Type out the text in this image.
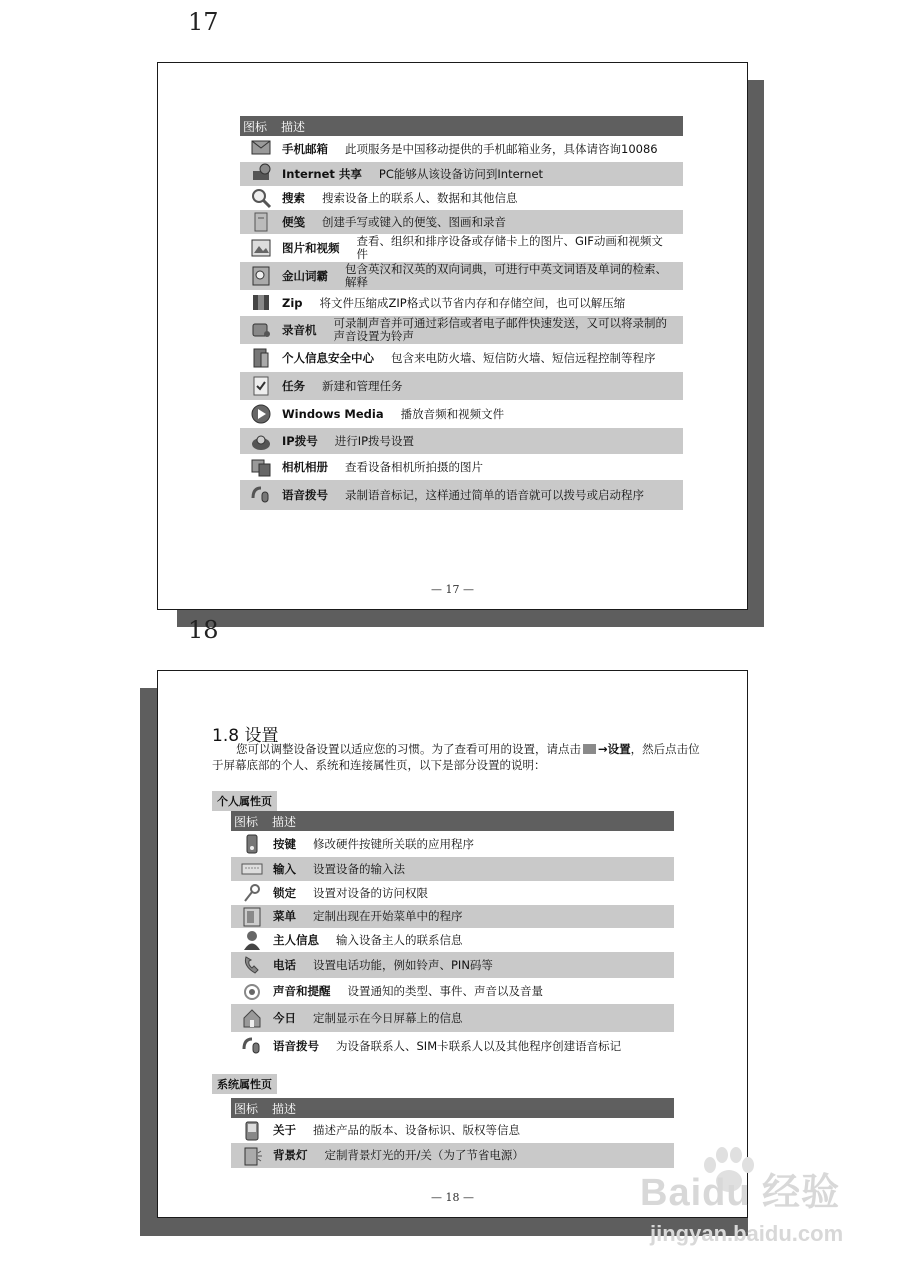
17
图标 描述
手机邮箱 此项服务是中国移动提供的手机邮箱业务，具体请咨询10086
Internet 共享 PC能够从该设备访问到Internet
搜索 搜索设备上的联系人、数据和其他信息
便笺 创建手写或键入的便笺、图画和录音
图片和视频 查看、组织和排序设备或存储卡上的图片、GIF动画和视频文件
金山词霸 包含英汉和汉英的双向词典，可进行中英文词语及单词的检索、解释
Zip 将文件压缩成ZIP格式以节省内存和存储空间，也可以解压缩
录音机 可录制声音并可通过彩信或者电子邮件快速发送，又可以将录制的声音设置为铃声
个人信息安全中心 包含来电防火墙、短信防火墙、短信远程控制等程序
任务 新建和管理任务
Windows Media 播放音频和视频文件
IP拨号 进行IP拨号设置
相机相册 查看设备相机所拍摄的图片
语音拨号 录制语音标记，这样通过简单的语音就可以拨号或启动程序
— 17 —
18
1.8 设置
您可以调整设备设置以适应您的习惯。为了查看可用的设置，请点击 →设置，然后点击位于屏幕底部的个人、系统和连接属性页，以下是部分设置的说明：
个人属性页
图标 描述
按键 修改硬件按键所关联的应用程序
输入 设置设备的输入法
锁定 设置对设备的访问权限
菜单 定制出现在开始菜单中的程序
主人信息 输入设备主人的联系信息
电话 设置电话功能，例如铃声、PIN码等
声音和提醒 设置通知的类型、事件、声音以及音量
今日 定制显示在今日屏幕上的信息
语音拨号 为设备联系人、SIM卡联系人以及其他程序创建语音标记
系统属性页
图标 描述
关于 描述产品的版本、设备标识、版权等信息
背景灯 定制背景灯光的开/关（为了节省电源）
— 18 —	Baidu 经验
jingyan.baidu.com
